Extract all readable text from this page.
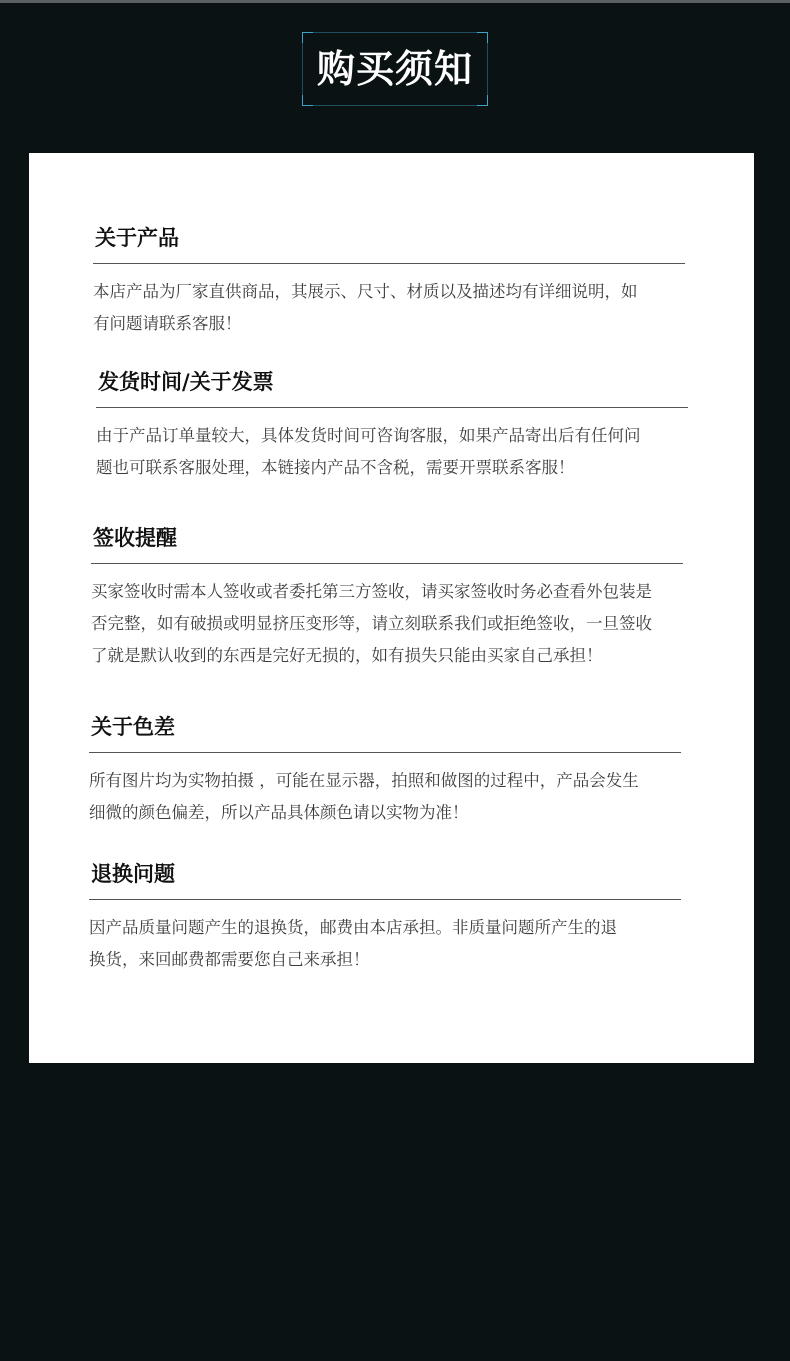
购买须知
关于产品
本店产品为厂家直供商品，其展示、尺寸、材质以及描述均有详细说明，如
有问题请联系客服！
发货时间/关于发票
由于产品订单量较大，具体发货时间可咨询客服，如果产品寄出后有任何问
题也可联系客服处理，本链接内产品不含税，需要开票联系客服！
签收提醒
买家签收时需本人签收或者委托第三方签收，请买家签收时务必查看外包装是
否完整，如有破损或明显挤压变形等，请立刻联系我们或拒绝签收，一旦签收
了就是默认收到的东西是完好无损的，如有损失只能由买家自己承担！
关于色差
所有图片均为实物拍摄 ，可能在显示器，拍照和做图的过程中，产品会发生
细微的颜色偏差，所以产品具体颜色请以实物为准！
退换问题
因产品质量问题产生的退换货，邮费由本店承担。非质量问题所产生的退
换货，来回邮费都需要您自己来承担！
